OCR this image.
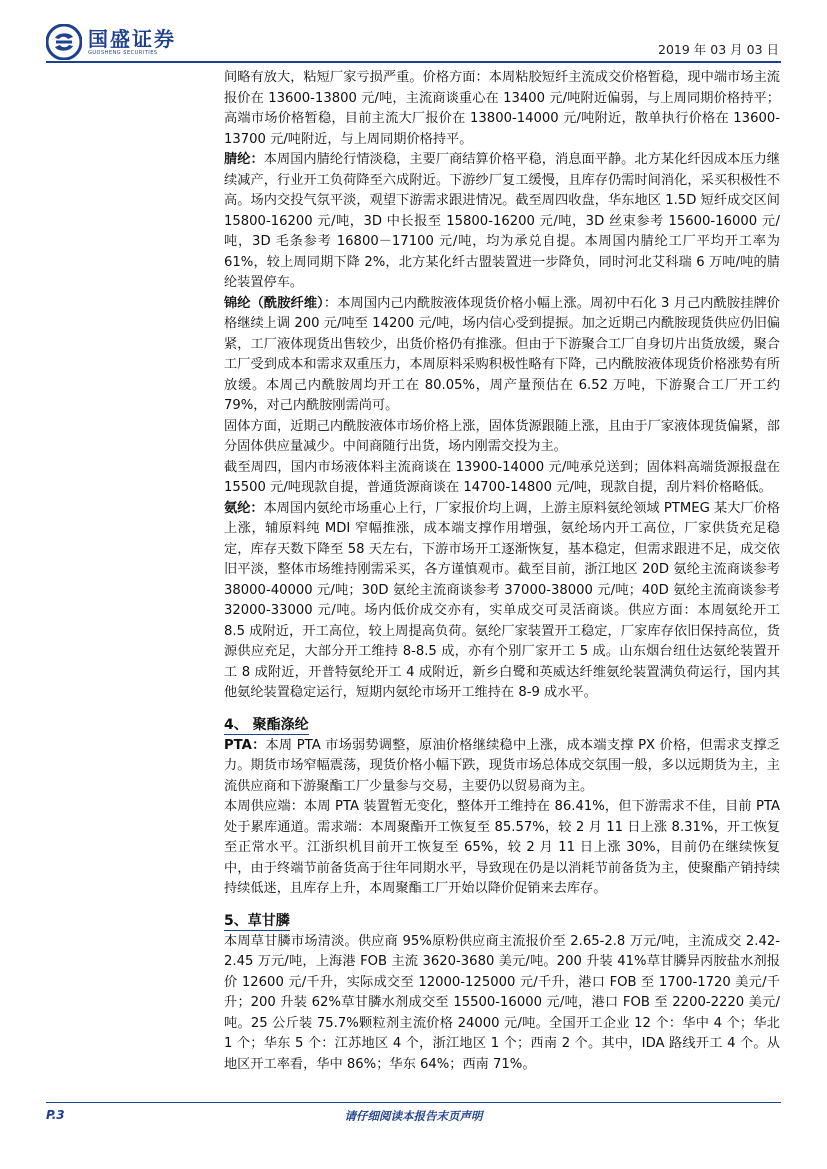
国盛证券
GUOSHENG SECURITIES	2019 年 03 月 03 日

间略有放大，粘短厂家亏损严重。价格方面：本周粘胶短纤主流成交价格暂稳，现中端市场主流报价在 13600-13800 元/吨，主流商谈重心在 13400 元/吨附近偏弱，与上周同期价格持平；高端市场价格暂稳，目前主流大厂报价在 13800-14000 元/吨附近，散单执行价格在 13600-13700 元/吨附近，与上周同期价格持平。

腈纶：本周国内腈纶行情淡稳，主要厂商结算价格平稳，消息面平静。北方某化纤因成本压力继续减产，行业开工负荷降至六成附近。下游纱厂复工缓慢，且库存仍需时间消化，采买积极性不高。场内交投气氛平淡，观望下游需求跟进情况。截至周四收盘，华东地区 1.5D 短纤成交区间 15800-16200 元/吨，3D 中长报至 15800-16200 元/吨，3D 丝束参考 15600-16000 元/吨，3D 毛条参考 16800－17100 元/吨，均为承兑自提。本周国内腈纶工厂平均开工率为 61%，较上周同期下降 2%，北方某化纤古盟装置进一步降负，同时河北艾科瑞 6 万吨/吨的腈纶装置停车。

锦纶（酰胺纤维）：本周国内己内酰胺液体现货价格小幅上涨。周初中石化 3 月己内酰胺挂牌价格继续上调 200 元/吨至 14200 元/吨，场内信心受到提振。加之近期己内酰胺现货供应仍旧偏紧，工厂液体现货出售较少，出货价格仍有推涨。但由于下游聚合工厂自身切片出货放缓，聚合工厂受到成本和需求双重压力，本周原料采购积极性略有下降，己内酰胺液体现货价格涨势有所放缓。本周己内酰胺周均开工在 80.05%，周产量预估在 6.52 万吨，下游聚合工厂开工约 79%，对己内酰胺刚需尚可。

固体方面，近期己内酰胺液体市场价格上涨，固体货源跟随上涨，且由于厂家液体现货偏紧，部分固体供应量减少。中间商随行出货，场内刚需交投为主。

截至周四，国内市场液体料主流商谈在 13900-14000 元/吨承兑送到；固体料高端货源报盘在 15500 元/吨现款自提，普通货源商谈在 14700-14800 元/吨，现款自提，刮片料价格略低。

氨纶：本周国内氨纶市场重心上行，厂家报价均上调，上游主原料氨纶领域 PTMEG 某大厂价格上涨，辅原料纯 MDI 窄幅推涨，成本端支撑作用增强，氨纶场内开工高位，厂家供货充足稳定，库存天数下降至 58 天左右，下游市场开工逐渐恢复，基本稳定，但需求跟进不足，成交依旧平淡，整体市场维持刚需采买，各方谨慎观市。截至目前，浙江地区 20D 氨纶主流商谈参考 38000-40000 元/吨；30D 氨纶主流商谈参考 37000-38000 元/吨；40D 氨纶主流商谈参考 32000-33000 元/吨。场内低价成交亦有，实单成交可灵活商谈。供应方面：本周氨纶开工 8.5 成附近，开工高位，较上周提高负荷。氨纶厂家装置开工稳定，厂家库存依旧保持高位，货源供应充足，大部分开工维持 8-8.5 成，亦有个别厂家开工 5 成。山东烟台纽仕达氨纶装置开工 8 成附近，开普特氨纶开工 4 成附近，新乡白鹭和英威达纤维氨纶装置满负荷运行，国内其他氨纶装置稳定运行，短期内氨纶市场开工维持在 8-9 成水平。

4、 聚酯涤纶

PTA：本周 PTA 市场弱势调整，原油价格继续稳中上涨，成本端支撑 PX 价格，但需求支撑乏力。期货市场窄幅震荡，现货价格小幅下跌，现货市场总体成交氛围一般，多以远期货为主，主流供应商和下游聚酯工厂少量参与交易，主要仍以贸易商为主。

本周供应端：本周 PTA 装置暂无变化，整体开工维持在 86.41%，但下游需求不佳，目前 PTA 处于累库通道。需求端：本周聚酯开工恢复至 85.57%，较 2 月 11 日上涨 8.31%，开工恢复至正常水平。江浙织机目前开工恢复至 65%，较 2 月 11 日上涨 30%，目前仍在继续恢复中，由于终端节前备货高于往年同期水平，导致现在仍是以消耗节前备货为主，使聚酯产销持续持续低迷，且库存上升，本周聚酯工厂开始以降价促销来去库存。

5、草甘膦

本周草甘膦市场清淡。供应商 95%原粉供应商主流报价至 2.65-2.8 万元/吨，主流成交 2.42-2.45 万元/吨，上海港 FOB 主流 3620-3680 美元/吨。200 升装 41%草甘膦异丙胺盐水剂报价 12600 元/千升，实际成交至 12000-125000 元/千升，港口 FOB 至 1700-1720 美元/千升；200 升装 62%草甘膦水剂成交至 15500-16000 元/吨，港口 FOB 至 2200-2220 美元/吨。25 公斤装 75.7%颗粒剂主流价格 24000 元/吨。全国开工企业 12 个：华中 4 个；华北 1 个；华东 5 个：江苏地区 4 个，浙江地区 1 个；西南 2 个。其中，IDA 路线开工 4 个。从地区开工率看，华中 86%；华东 64%；西南 71%。

P.3	请仔细阅读本报告末页声明
